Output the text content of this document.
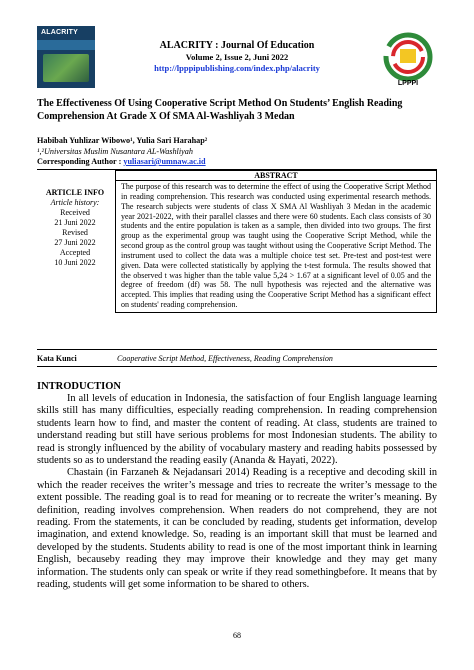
ALACRITY
ALACRITY : Journal Of Education
Volume 2, Issue 2, Juni 2022
http://lpppipublishing.com/index.php/alacrity
LPPPI
The Effectiveness Of Using Cooperative Script Method On Students’ English Reading Comprehension At Grade X Of SMA Al-Washliyah 3 Medan
Habibah Yuhlizar Wibowo¹, Yulia Sari Harahap²
¹,²Universitas Muslim Nusantara AL-Washliyah
Corresponding Author : yuliasari@umnaw.ac.id
ARTICLE INFO
Article history:
Received
21 Juni 2022
Revised
27 Juni 2022
Accepted
10 Juni 2022
ABSTRACT
The purpose of this research was to determine the effect of using the Cooperative Script Method in reading comprehension. This research was conducted using experimental research methods. The research subjects were students of class X SMA Al Washliyah 3 Medan in the academic year 2021-2022, with their parallel classes and there were 60 students. Each class consists of 30 students and the entire population is taken as a sample, then divided into two groups. The first group as the experimental group was taught using the Cooperative Script Method, while the second group as the control group was taught without using the Cooperative Script Method. The instrument used to collect the data was a multiple choice test set. Pre-test and post-test were given. Data were collected statistically by applying the t-test formula. The results showed that the observed t was higher than the table value 5,24 > 1.67 at a significant level of 0.05 and the degree of freedom (df) was 58. The null hypothesis was rejected and the alternative was accepted. This implies that reading using the Cooperative Script Method has a significant effect on students' reading comprehension.
Kata Kunci	Cooperative Script Method, Effectiveness, Reading Comprehension
INTRODUCTION

In all levels of education in Indonesia, the satisfaction of four English language learning skills still has many difficulties, especially reading comprehension. In reading comprehension students learn how to find, and master the content of reading. At class, students are trained to understand reading but still have serious problems for most Indonesian students. The ability to read is strongly influenced by the ability of vocabulary mastery and reading habits possessed by students so as to understand the reading easily (Ananda & Hayati, 2022).

Chastain (in Farzaneh & Nejadansari 2014) Reading is a receptive and decoding skill in which the reader receives the writer’s message and tries to recreate the writer’s message to the extent possible. The reading goal is to read for meaning or to recreate the writer’s meaning. By definition, reading involves comprehension. When readers do not comprehend, they are not reading. From the statements, it can be concluded by reading, students get information, develop imagination, and extend knowledge. So, reading is an important skill that must be learned and developed by the students. Students ability to read is one of the most important think in learning English, becauseby reading they may improve their knowledge and they may get many information. The students only can speak or write if they read somethingbefore. It means that by reading, students will get some information to be shared to others.

68
